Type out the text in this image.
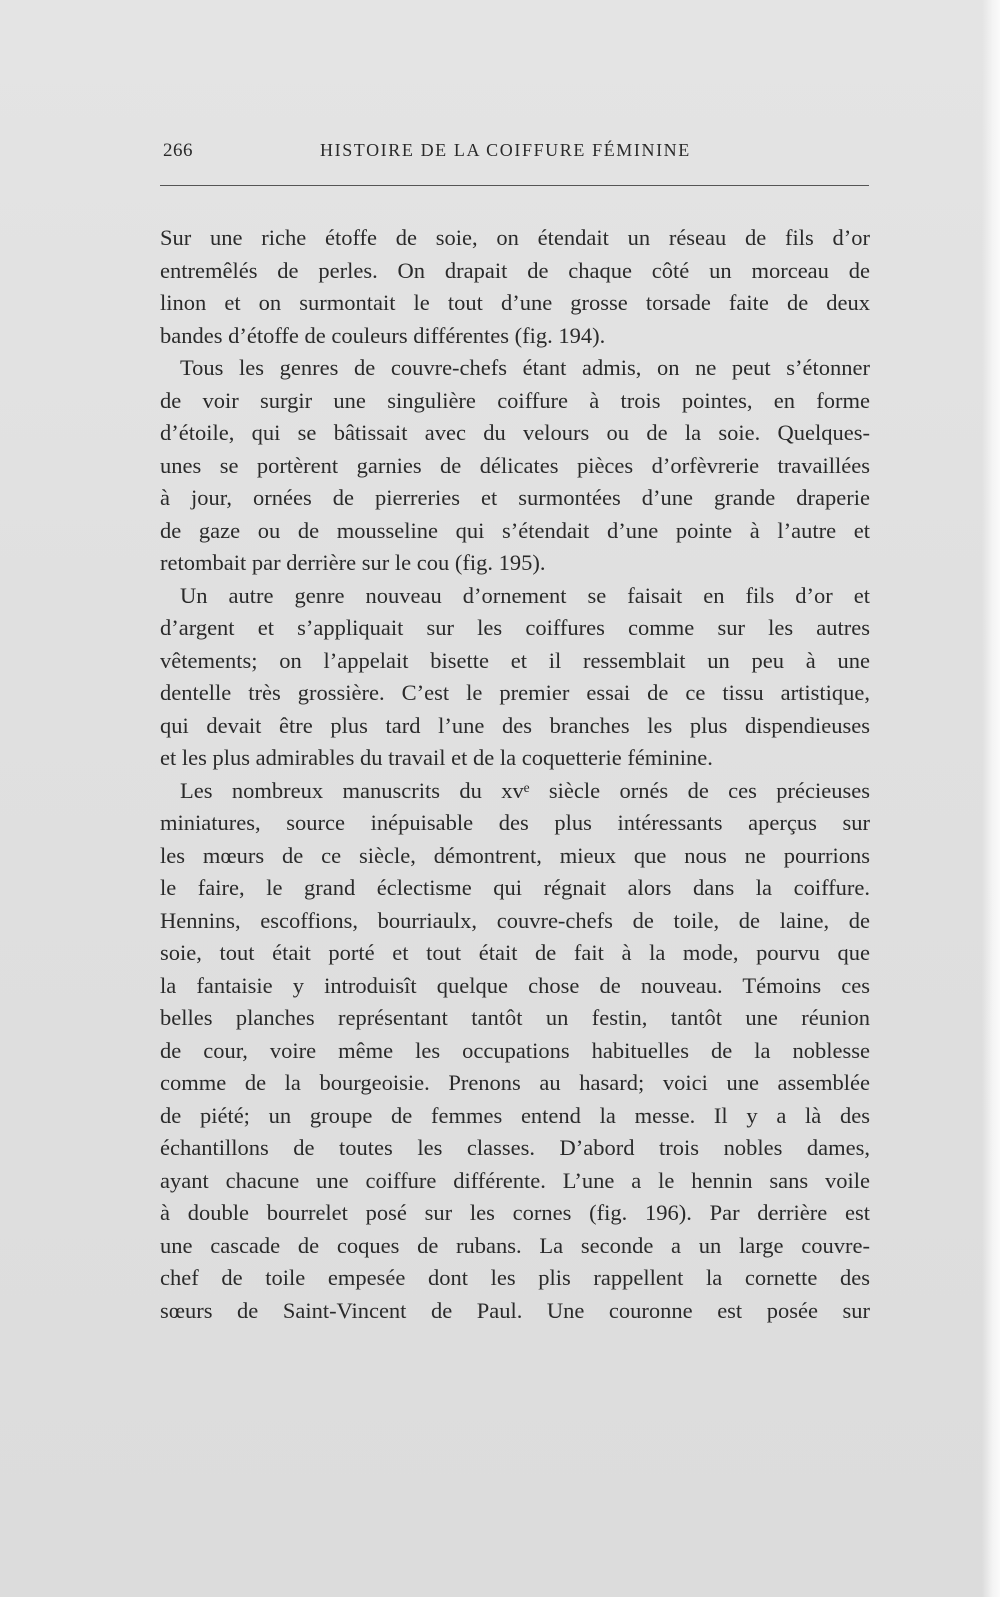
266	HISTOIRE DE LA COIFFURE FÉMININE
Sur une riche étoffe de soie, on étendait un réseau de fils d’or
entremêlés de perles. On drapait de chaque côté un morceau de
linon et on surmontait le tout d’une grosse torsade faite de deux
bandes d’étoffe de couleurs différentes (fig. 194).
Tous les genres de couvre-chefs étant admis, on ne peut s’étonner
de voir surgir une singulière coiffure à trois pointes, en forme
d’étoile, qui se bâtissait avec du velours ou de la soie. Quelques-
unes se portèrent garnies de délicates pièces d’orfèvrerie travaillées
à jour, ornées de pierreries et surmontées d’une grande draperie
de gaze ou de mousseline qui s’étendait d’une pointe à l’autre et
retombait par derrière sur le cou (fig. 195).
Un autre genre nouveau d’ornement se faisait en fils d’or et
d’argent et s’appliquait sur les coiffures comme sur les autres
vêtements; on l’appelait bisette et il ressemblait un peu à une
dentelle très grossière. C’est le premier essai de ce tissu artistique,
qui devait être plus tard l’une des branches les plus dispendieuses
et les plus admirables du travail et de la coquetterie féminine.
Les nombreux manuscrits du xvᵉ siècle ornés de ces précieuses
miniatures, source inépuisable des plus intéressants aperçus sur
les mœurs de ce siècle, démontrent, mieux que nous ne pourrions
le faire, le grand éclectisme qui régnait alors dans la coiffure.
Hennins, escoffions, bourriaulx, couvre-chefs de toile, de laine, de
soie, tout était porté et tout était de fait à la mode, pourvu que
la fantaisie y introduisît quelque chose de nouveau. Témoins ces
belles planches représentant tantôt un festin, tantôt une réunion
de cour, voire même les occupations habituelles de la noblesse
comme de la bourgeoisie. Prenons au hasard; voici une assemblée
de piété; un groupe de femmes entend la messe. Il y a là des
échantillons de toutes les classes. D’abord trois nobles dames,
ayant chacune une coiffure différente. L’une a le hennin sans voile
à double bourrelet posé sur les cornes (fig. 196). Par derrière est
une cascade de coques de rubans. La seconde a un large couvre-
chef de toile empesée dont les plis rappellent la cornette des
sœurs de Saint-Vincent de Paul. Une couronne est posée sur
